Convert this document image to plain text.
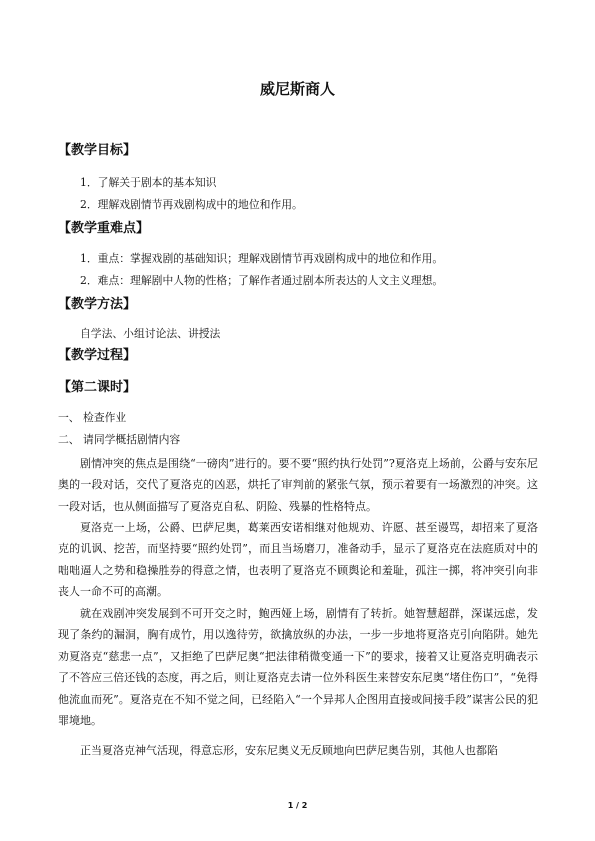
威尼斯商人
【教学目标】
1．了解关于剧本的基本知识
2．理解戏剧情节再戏剧构成中的地位和作用。
【教学重难点】
1．重点：掌握戏剧的基础知识；理解戏剧情节再戏剧构成中的地位和作用。
2．难点：理解剧中人物的性格；了解作者通过剧本所表达的人文主义理想。
【教学方法】
自学法、小组讨论法、讲授法
【教学过程】
【第二课时】
一、 检查作业
二、 请同学概括剧情内容

剧情冲突的焦点是围绕“一磅肉”进行的。要不要“照约执行处罚”?夏洛克上场前，公爵与安东尼奥的一段对话，交代了夏洛克的凶恶，烘托了审判前的紧张气氛，预示着要有一场激烈的冲突。这一段对话，也从侧面描写了夏洛克自私、阴险、残暴的性格特点。

夏洛克一上场，公爵、巴萨尼奥，葛莱西安诺相继对他规劝、许愿、甚至谩骂，却招来了夏洛克的讥讽、挖苦，而坚持要“照约处罚”，而且当场磨刀，准备动手，显示了夏洛克在法庭质对中的咄咄逼人之势和稳操胜券的得意之情，也表明了夏洛克不顾舆论和羞耻，孤注一掷，将冲突引向非丧人一命不可的高潮。

就在戏剧冲突发展到不可开交之时，鲍西娅上场，剧情有了转折。她智慧超群，深谋远虑，发现了条约的漏洞，胸有成竹，用以逸待劳，欲擒放纵的办法，一步一步地将夏洛克引向陷阱。她先劝夏洛克“慈悲一点”，又拒绝了巴萨尼奥“把法律稍微变通一下”的要求，接着又让夏洛克明确表示了不答应三倍还钱的态度，再之后，则让夏洛克去请一位外科医生来替安东尼奥“堵住伤口”，“免得他流血而死”。夏洛克在不知不觉之间，已经陷入“一个异邦人企图用直接或间接手段”谋害公民的犯罪境地。

正当夏洛克神气活现，得意忘形，安东尼奥义无反顾地向巴萨尼奥告别，其他人也都陷

1 / 2
